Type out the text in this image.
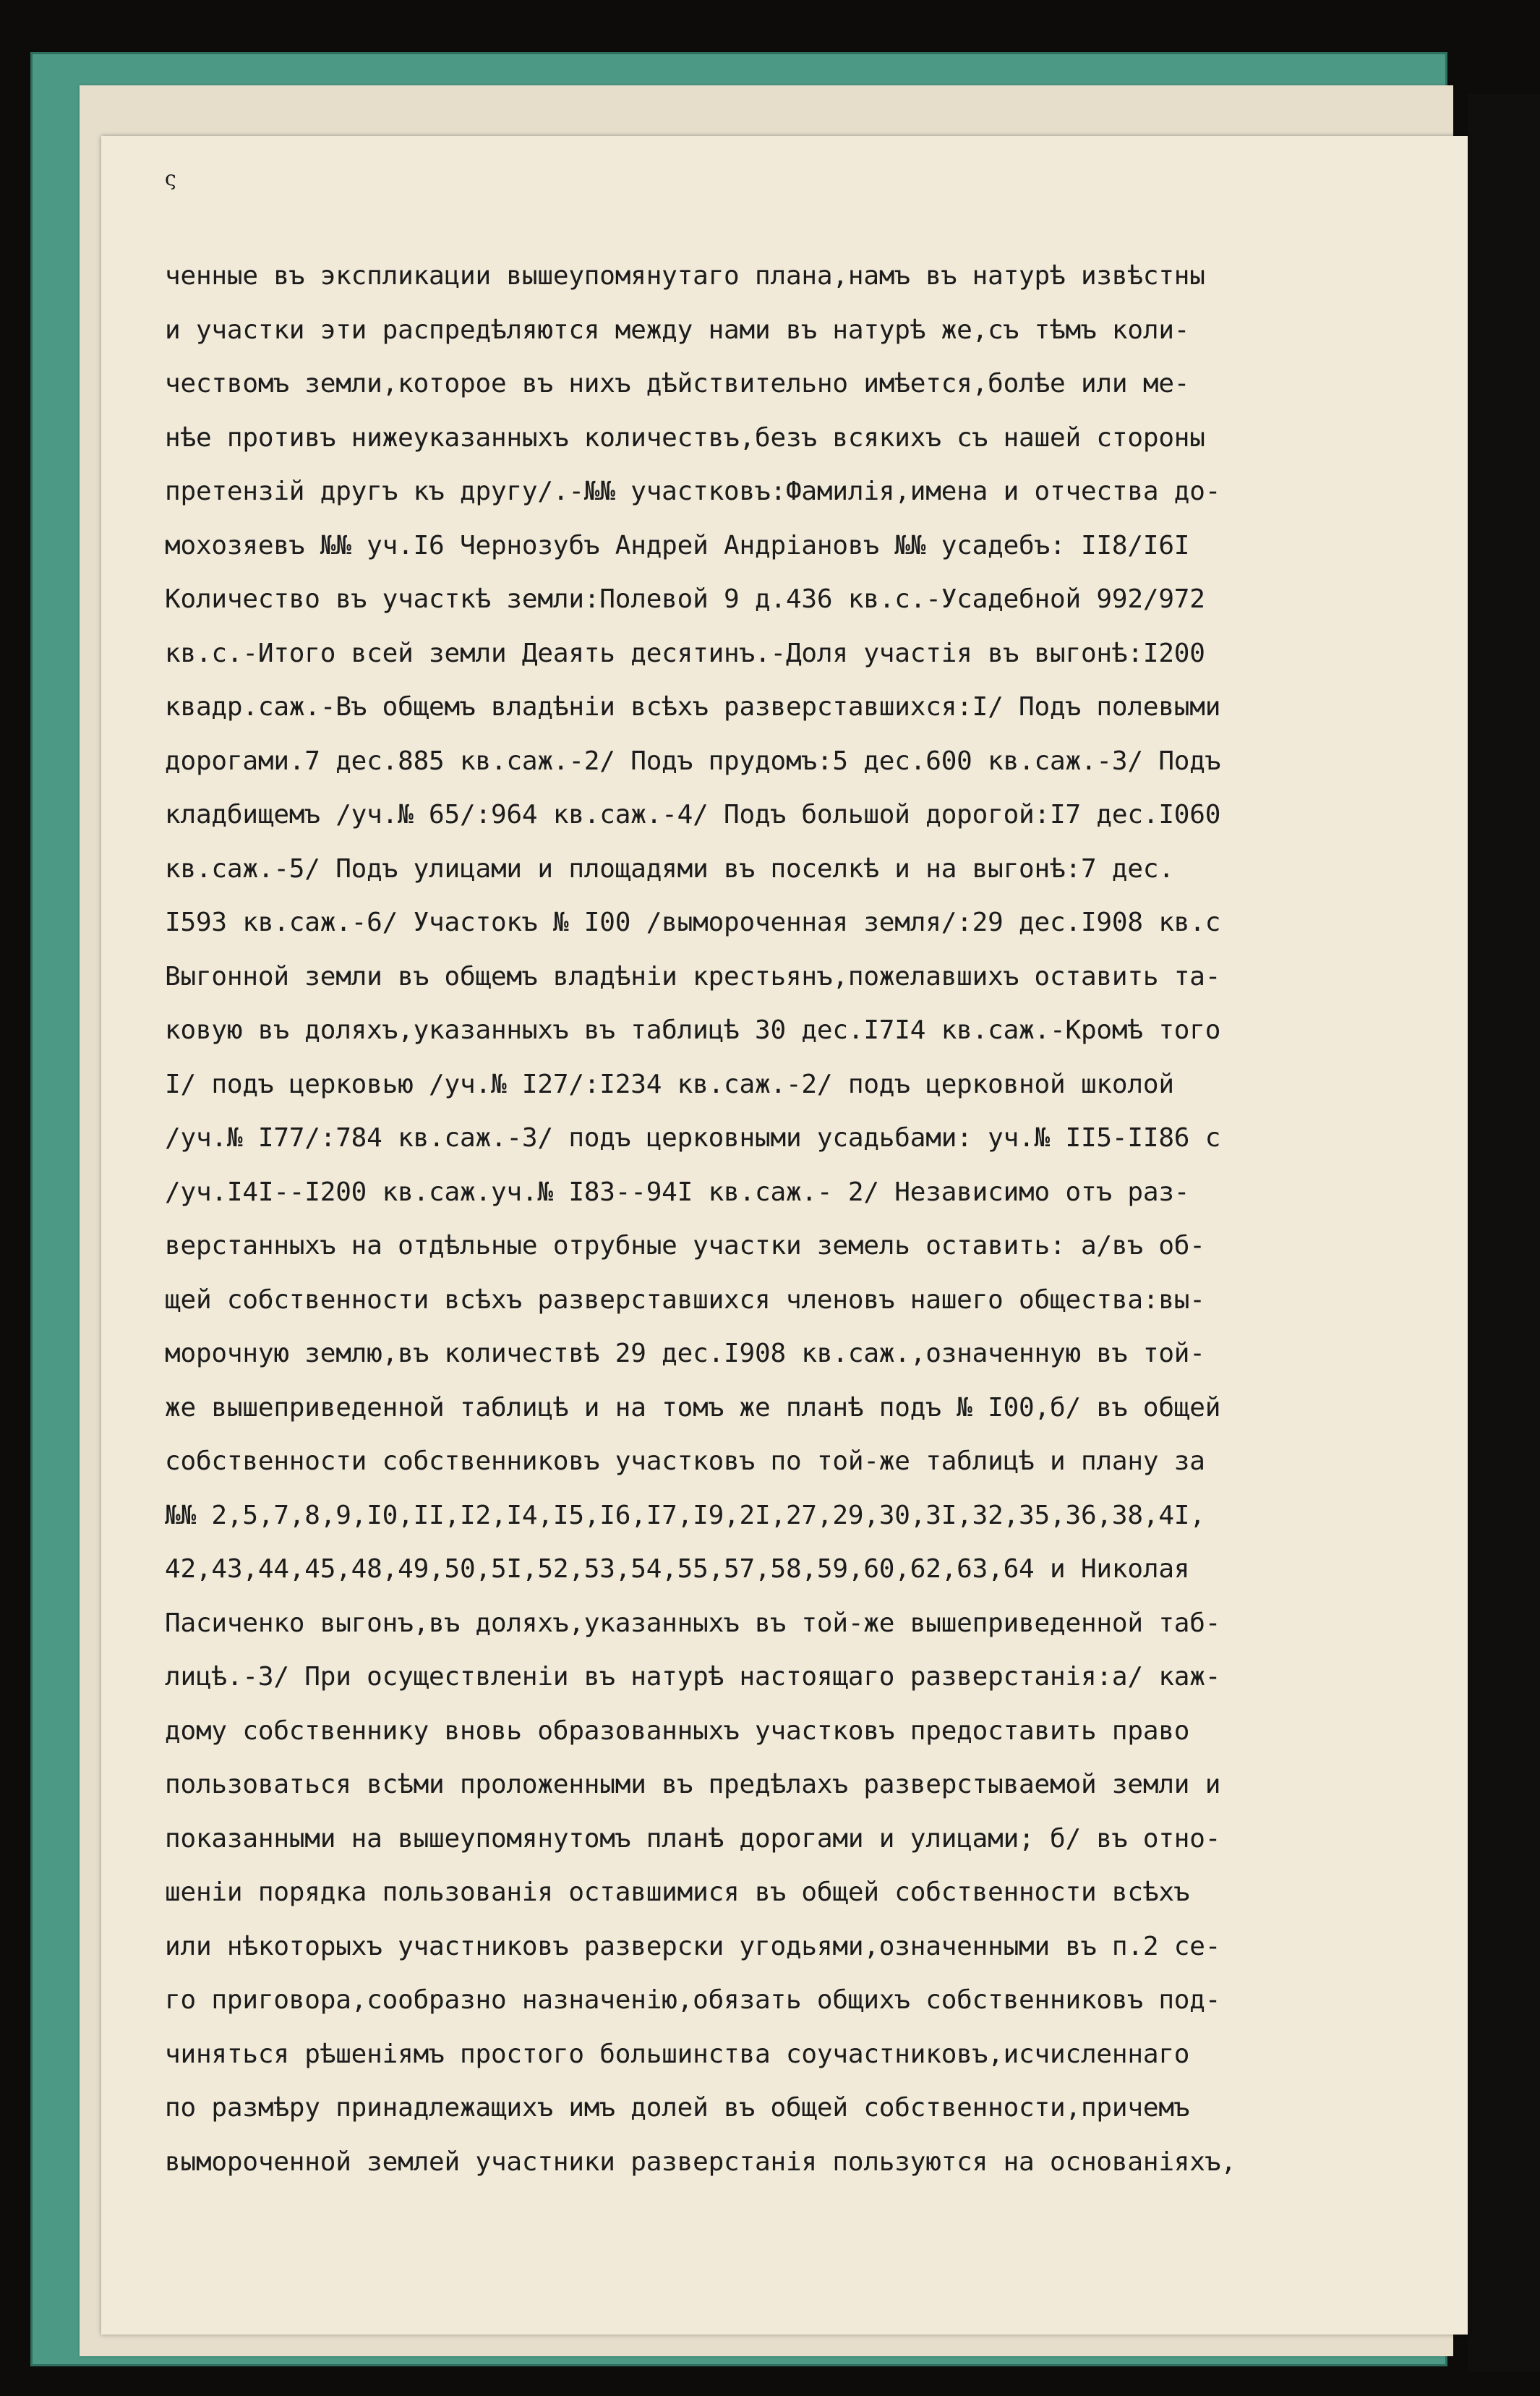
ς
ченные въ экспликации вышеупомянутаго плана,намъ въ натурѣ извѣстны
и участки эти распредѣляются между нами въ натурѣ же,съ тѣмъ коли-
чествомъ земли,которое въ нихъ дѣйствительно имѣется,болѣе или ме-
нѣе противъ нижеуказанныхъ количествъ,безъ всякихъ съ нашей стороны
претензій другъ къ другу/.-№№ участковъ:Фамилія,имена и отчества до-
мохозяевъ №№ уч.I6 Чернозубъ Андрей Андріановъ №№ усадебъ: II8/I6I
Количество въ участкѣ земли:Полевой 9 д.436 кв.с.-Усадебной 992/972
кв.с.-Итого всей земли Деаять десятинъ.-Доля участія въ выгонѣ:I200
квадр.саж.-Въ общемъ владѣніи всѣхъ разверставшихся:I/ Подъ полевыми
дорогами.7 дес.885 кв.саж.-2/ Подъ прудомъ:5 дес.600 кв.саж.-3/ Подъ
кладбищемъ /уч.№ 65/:964 кв.саж.-4/ Подъ большой дорогой:I7 дес.I060
кв.саж.-5/ Подъ улицами и площадями въ поселкѣ и на выгонѣ:7 дес.
I593 кв.саж.-6/ Участокъ № I00 /вымороченная земля/:29 дес.I908 кв.с
Выгонной земли въ общемъ владѣніи крестьянъ,пожелавшихъ оставить та-
ковую въ доляхъ,указанныхъ въ таблицѣ 30 дес.I7I4 кв.саж.-Кромѣ того
I/ подъ церковью /уч.№ I27/:I234 кв.саж.-2/ подъ церковной школой
/уч.№ I77/:784 кв.саж.-3/ подъ церковными усадьбами: уч.№ II5-II86 с
/уч.I4I--I200 кв.саж.уч.№ I83--94I кв.саж.- 2/ Независимо отъ раз-
верстанныхъ на отдѣльные отрубные участки земель оставить: а/въ об-
щей собственности всѣхъ разверставшихся членовъ нашего общества:вы-
морочную землю,въ количествѣ 29 дес.I908 кв.саж.,означенную въ той-
же вышеприведенной таблицѣ и на томъ же планѣ подъ № I00,б/ въ общей
собственности собственниковъ участковъ по той-же таблицѣ и плану за
№№ 2,5,7,8,9,I0,II,I2,I4,I5,I6,I7,I9,2I,27,29,30,3I,32,35,36,38,4I,
42,43,44,45,48,49,50,5I,52,53,54,55,57,58,59,60,62,63,64 и Николая
Пасиченко выгонъ,въ доляхъ,указанныхъ въ той-же вышеприведенной таб-
лицѣ.-3/ При осуществленіи въ натурѣ настоящаго разверстанія:а/ каж-
дому собственнику вновь образованныхъ участковъ предоставить право
пользоваться всѣми проложенными въ предѣлахъ разверстываемой земли и
показанными на вышеупомянутомъ планѣ дорогами и улицами; б/ въ отно-
шеніи порядка пользованія оставшимися въ общей собственности всѣхъ
или нѣкоторыхъ участниковъ разверски угодьями,означенными въ п.2 се-
го приговора,сообразно назначенію,обязать общихъ собственниковъ под-
чиняться рѣшеніямъ простого большинства соучастниковъ,исчисленнаго
по размѣру принадлежащихъ имъ долей въ общей собственности,причемъ
вымороченной землей участники разверстанія пользуются на основаніяхъ,
